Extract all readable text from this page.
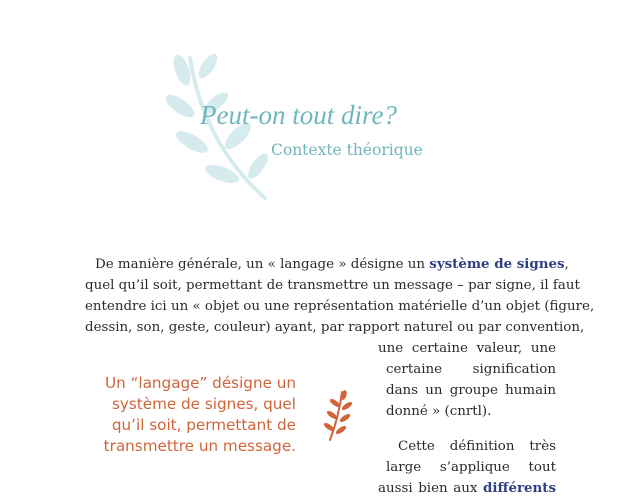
Peut-on tout dire?
Contexte théorique
De manière générale, un « langage » désigne un système de signes,
quel qu’il soit, permettant de transmettre un message – par signe, il faut
entendre ici un « objet ou une représentation matérielle d’un objet (figure,
dessin, son, geste, couleur) ayant, par rapport naturel ou par convention,
une certaine valeur, une
certaine signification
dans un groupe humain
donné » (cnrtl).
Cette définition très
large s’applique tout
aussi bien aux différents
Un “langage” désigne un
système de signes, quel
qu’il soit, permettant de
transmettre un message.
